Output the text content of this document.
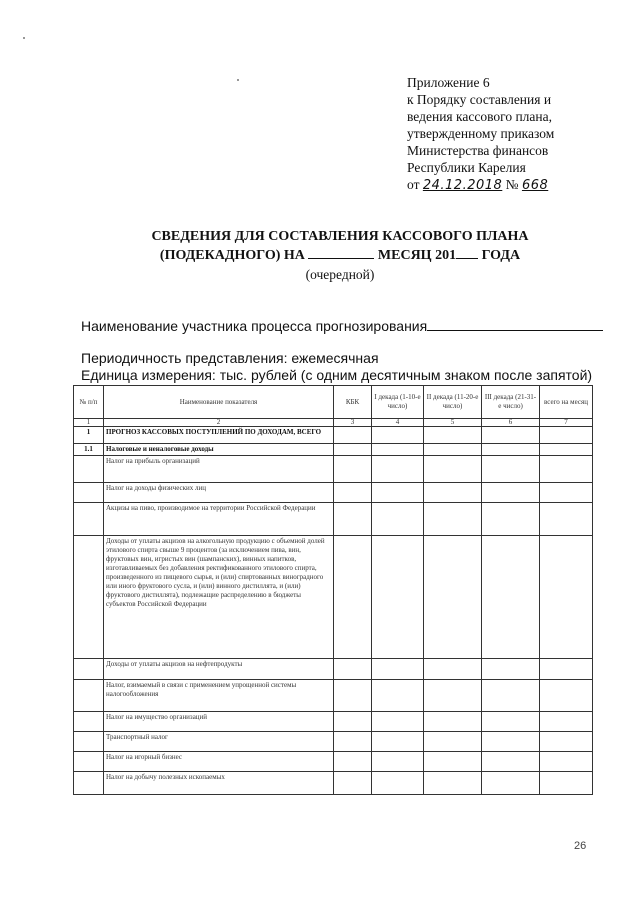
Приложение 6
к Порядку составления и
ведения кассового плана,
утвержденному приказом
Министерства финансов
Республики Карелия
от 24.12.2018 № 668
СВЕДЕНИЯ ДЛЯ СОСТАВЛЕНИЯ КАССОВОГО ПЛАНА
(ПОДЕКАДНОГО) НА	МЕСЯЦ 201 ГОДА
(очередной)
Наименование участника процесса прогнозирования
Периодичность представления: ежемесячная
Единица измерения: тыс. рублей (с одним десятичным знаком после запятой)
№ п/п	Наименование показателя	КБК	I декада (1-10-е число)	II декада (11-20-е число)	III декада (21-31-е число)	всего на месяц
1	2	3	4	5	6	7
1	ПРОГНОЗ КАССОВЫХ ПОСТУПЛЕНИЙ ПО ДОХОДАМ, ВСЕГО					
1.1	Налоговые и неналоговые доходы					
	Налог на прибыль организаций					
	Налог на доходы физических лиц					
	Акцизы на пиво, производимое на территории Российской Федерации					
	Доходы от уплаты акцизов на алкогольную продукцию с объемной долей этилового спирта свыше 9 процентов (за исключением пива, вин, фруктовых вин, игристых вин (шампанских), винных напитков, изготавливаемых без добавления ректификованного этилового спирта, произведенного из пищевого сырья, и (или) спиртованных виноградного или иного фруктового сусла, и (или) винного дистиллята, и (или) фруктового дистиллята), подлежащие распределению в бюджеты субъектов Российской Федерации					
	Доходы от уплаты акцизов на нефтепродукты					
	Налог, взимаемый в связи с применением упрощенной системы налогообложения					
	Налог на имущество организаций					
	Транспортный налог					
	Налог на игорный бизнес					
	Налог на добычу полезных ископаемых					
26
